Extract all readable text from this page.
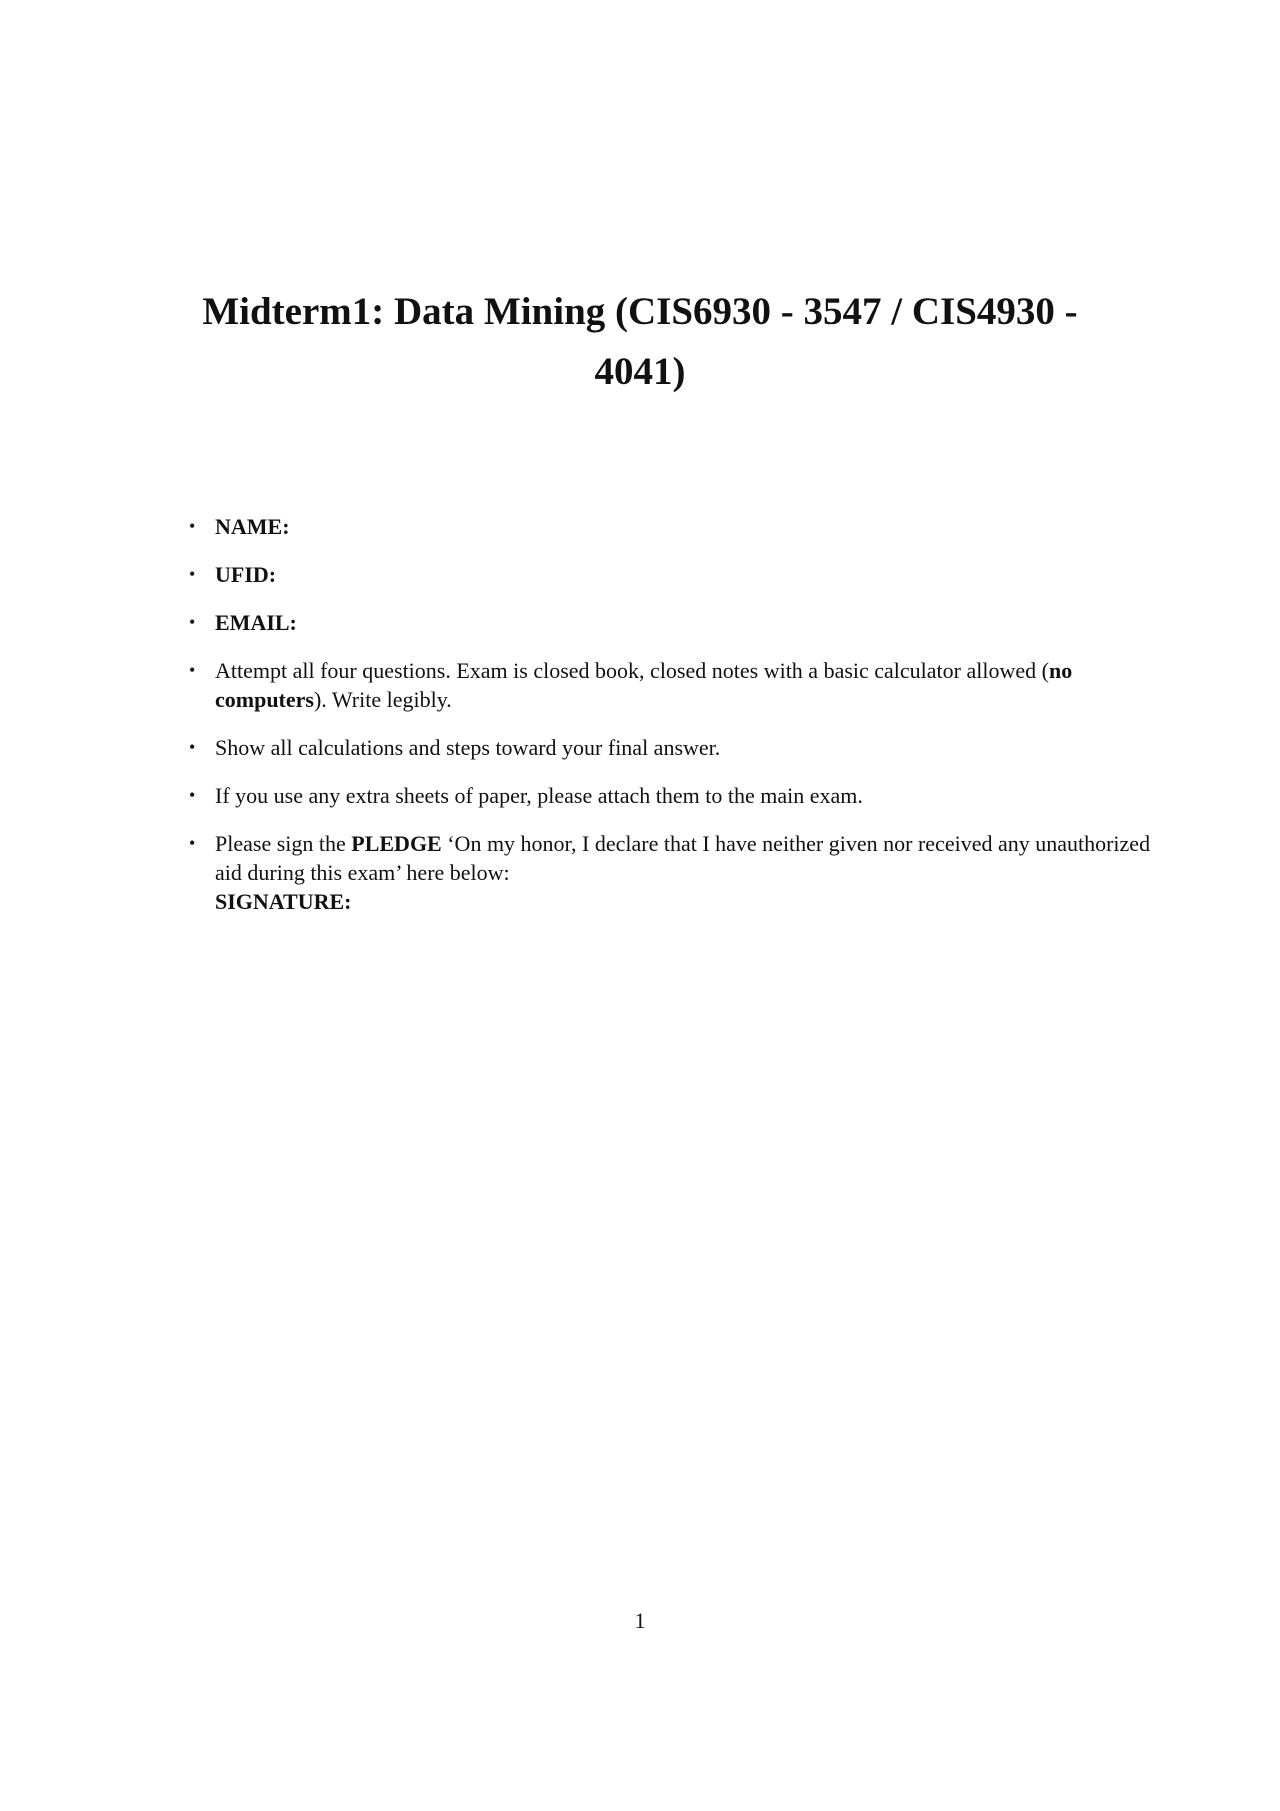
Midterm1: Data Mining (CIS6930 - 3547 / CIS4930 -
4041)
• NAME:
• UFID:
• EMAIL:
• Attempt all four questions. Exam is closed book, closed notes with a basic calculator allowed (no computers). Write legibly.
• Show all calculations and steps toward your final answer.
• If you use any extra sheets of paper, please attach them to the main exam.
• Please sign the PLEDGE ‘On my honor, I declare that I have neither given nor received any unauthorized aid during this exam’ here below:
SIGNATURE:
1
